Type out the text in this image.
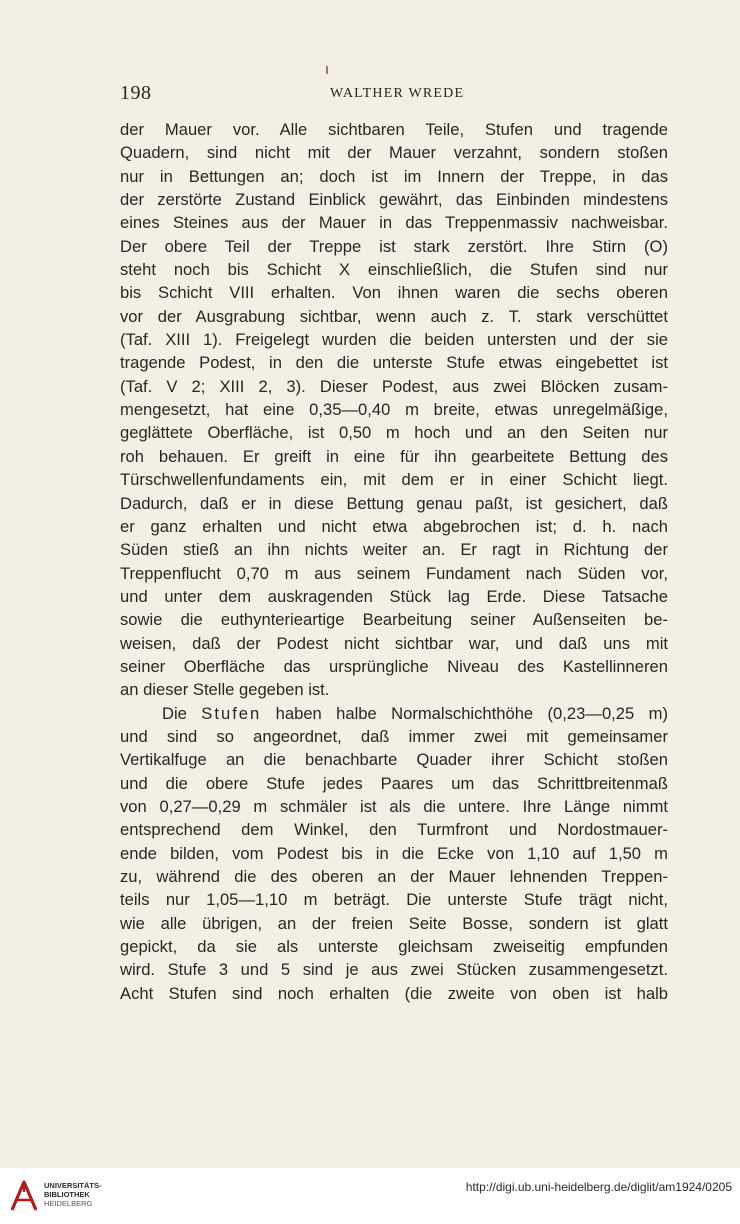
198	WALTHER WREDE
der Mauer vor. Alle sichtbaren Teile, Stufen und tragende
Quadern, sind nicht mit der Mauer verzahnt, sondern stoßen
nur in Bettungen an; doch ist im Innern der Treppe, in das
der zerstörte Zustand Einblick gewährt, das Einbinden mindestens
eines Steines aus der Mauer in das Treppenmassiv nachweisbar.
Der obere Teil der Treppe ist stark zerstört. Ihre Stirn (O)
steht noch bis Schicht X einschließlich, die Stufen sind nur
bis Schicht VIII erhalten. Von ihnen waren die sechs oberen
vor der Ausgrabung sichtbar, wenn auch z. T. stark verschüttet
(Taf. XIII 1). Freigelegt wurden die beiden untersten und der sie
tragende Podest, in den die unterste Stufe etwas eingebettet ist
(Taf. V 2; XIII 2, 3). Dieser Podest, aus zwei Blöcken zusam-
mengesetzt, hat eine 0,35—0,40 m breite, etwas unregelmäßige,
geglättete Oberfläche, ist 0,50 m hoch und an den Seiten nur
roh behauen. Er greift in eine für ihn gearbeitete Bettung des
Türschwellenfundaments ein, mit dem er in einer Schicht liegt.
Dadurch, daß er in diese Bettung genau paßt, ist gesichert, daß
er ganz erhalten und nicht etwa abgebrochen ist; d. h. nach
Süden stieß an ihn nichts weiter an. Er ragt in Richtung der
Treppenflucht 0,70 m aus seinem Fundament nach Süden vor,
und unter dem auskragenden Stück lag Erde. Diese Tatsache
sowie die euthynterieartige Bearbeitung seiner Außenseiten be-
weisen, daß der Podest nicht sichtbar war, und daß uns mit
seiner Oberfläche das ursprüngliche Niveau des Kastellinneren
an dieser Stelle gegeben ist.
Die Stufen haben halbe Normalschichthöhe (0,23—0,25 m)
und sind so angeordnet, daß immer zwei mit gemeinsamer
Vertikalfuge an die benachbarte Quader ihrer Schicht stoßen
und die obere Stufe jedes Paares um das Schrittbreitenmaß
von 0,27—0,29 m schmäler ist als die untere. Ihre Länge nimmt
entsprechend dem Winkel, den Turmfront und Nordostmauer-
ende bilden, vom Podest bis in die Ecke von 1,10 auf 1,50 m
zu, während die des oberen an der Mauer lehnenden Treppen-
teils nur 1,05—1,10 m beträgt. Die unterste Stufe trägt nicht,
wie alle übrigen, an der freien Seite Bosse, sondern ist glatt
gepickt, da sie als unterste gleichsam zweiseitig empfunden
wird. Stufe 3 und 5 sind je aus zwei Stücken zusammengesetzt.
Acht Stufen sind noch erhalten (die zweite von oben ist halb
UNIVERSITÄTS-
BIBLIOTHEK
HEIDELBERG
http://digi.ub.uni-heidelberg.de/diglit/am1924/0205
